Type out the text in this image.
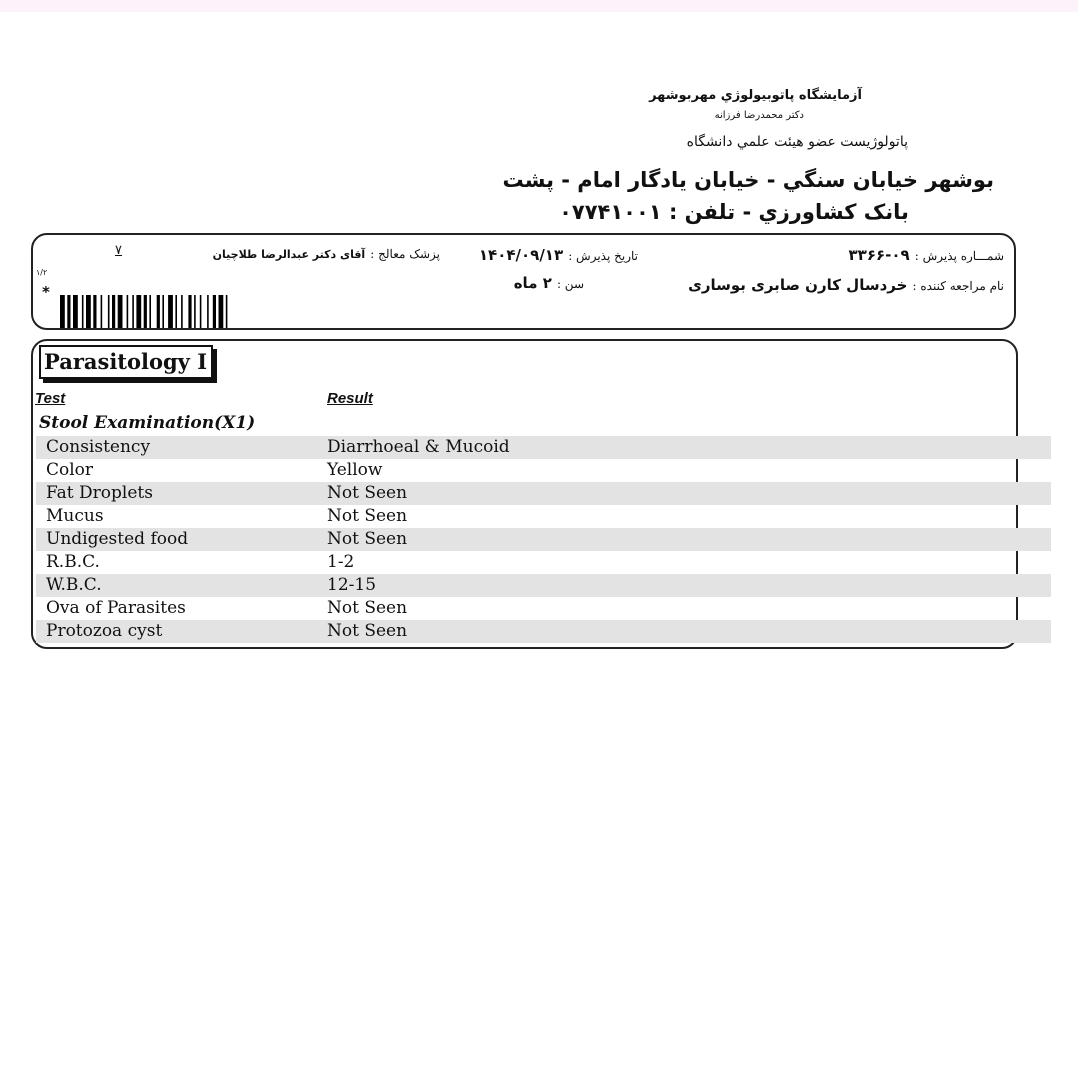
آزمایشگاه پاتوبیولوژي مهربوشهر
دکتر محمدرضا فرزانه
پاتولوژیست عضو هیئت علمي دانشگاه
بوشهر خیابان سنگي - خیابان یادگار امام - پشت
بانک کشاورزي - تلفن : ۰۷۷۴۱۰۰۱
شمـــاره پذیرش : ۰۹-۳۳۶۶
نام مراجعه کننده : خردسال کارن صابری بوساری
تاریخ پذیرش : ۱۴۰۴/۰۹/۱۳
سن : ۲ ماه
پزشک معالج : آقای دکتر عبدالرضا طلاچیان
۷
۱/۲
*
Parasitology I
Test	Result
Stool Examination(X1)
Consistency	Diarrhoeal & Mucoid
Color	Yellow
Fat Droplets	Not Seen
Mucus	Not Seen
Undigested food	Not Seen
R.B.C.	1-2
W.B.C.	12-15
Ova of Parasites	Not Seen
Protozoa cyst	Not Seen
